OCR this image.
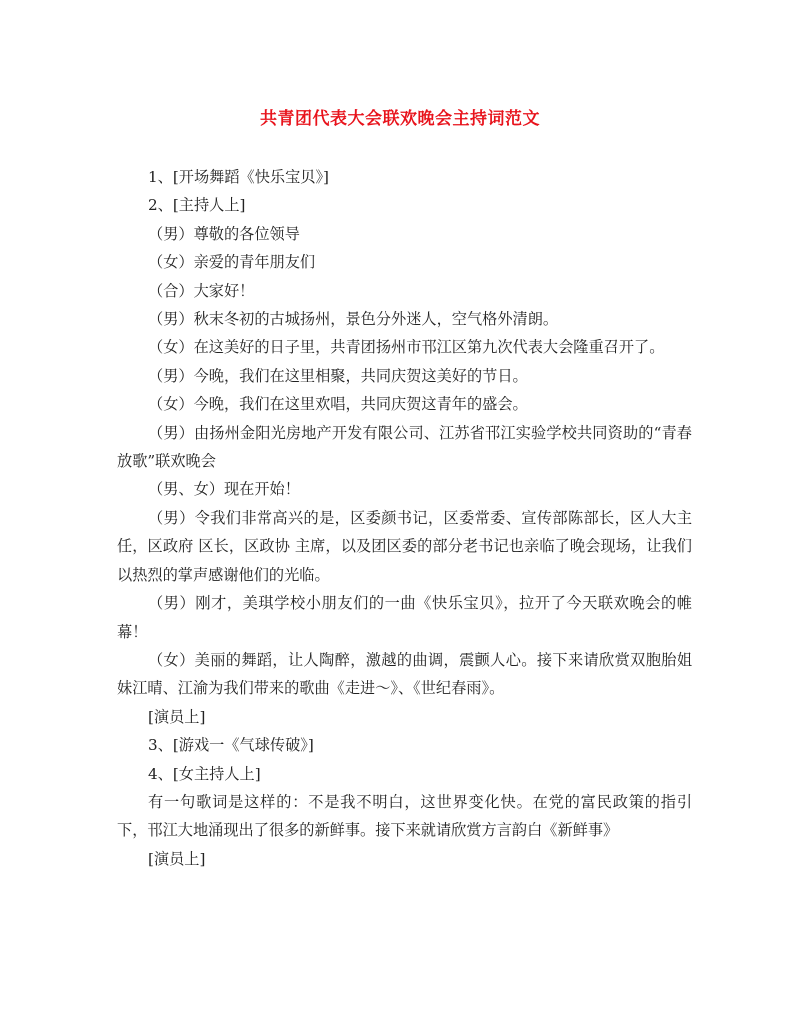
共青团代表大会联欢晚会主持词范文

1、[开场舞蹈《快乐宝贝》]

2、[主持人上]

（男）尊敬的各位领导

（女）亲爱的青年朋友们

（合）大家好！

（男）秋末冬初的古城扬州，景色分外迷人，空气格外清朗。

（女）在这美好的日子里，共青团扬州市邗江区第九次代表大会隆重召开了。

（男）今晚，我们在这里相聚，共同庆贺这美好的节日。

（女）今晚，我们在这里欢唱，共同庆贺这青年的盛会。

（男）由扬州金阳光房地产开发有限公司、江苏省邗江实验学校共同资助的“青春放歌”联欢晚会

（男、女）现在开始！

（男）令我们非常高兴的是，区委颜书记，区委常委、宣传部陈部长，区人大主任，区政府 区长，区政协 主席，以及团区委的部分老书记也亲临了晚会现场，让我们以热烈的掌声感谢他们的光临。

（男）刚才，美琪学校小朋友们的一曲《快乐宝贝》，拉开了今天联欢晚会的帷幕！

（女）美丽的舞蹈，让人陶醉，激越的曲调，震颤人心。接下来请欣赏双胞胎姐妹江晴、江渝为我们带来的歌曲《走进～》、《世纪春雨》。

[演员上]

3、[游戏一《气球传破》]

4、[女主持人上]

有一句歌词是这样的：不是我不明白，这世界变化快。在党的富民政策的指引下，邗江大地涌现出了很多的新鲜事。接下来就请欣赏方言韵白《新鲜事》

[演员上]
